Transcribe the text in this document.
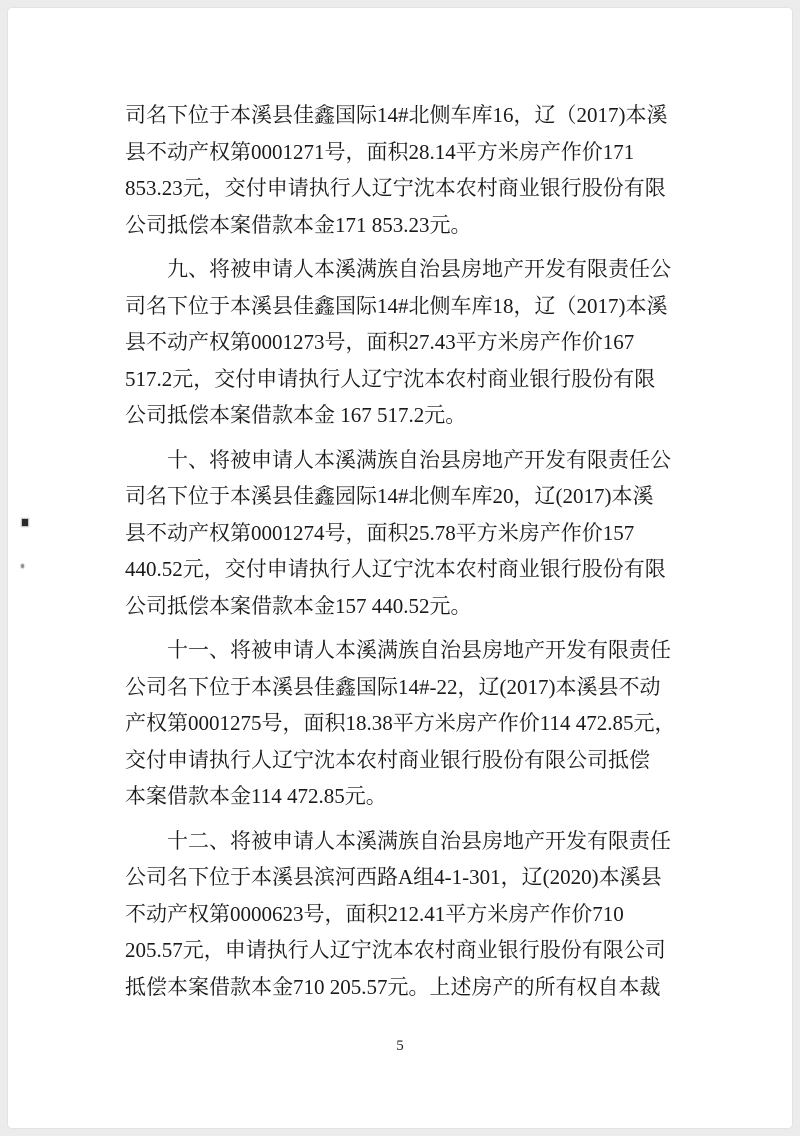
司名下位于本溪县佳鑫国际14#北侧车库16，辽（2017)本溪
县不动产权第0001271号，面积28.14平方米房产作价171
853.23元，交付申请执行人辽宁沈本农村商业银行股份有限
公司抵偿本案借款本金171 853.23元。

九、将被申请人本溪满族自治县房地产开发有限责任公
司名下位于本溪县佳鑫国际14#北侧车库18，辽（2017)本溪
县不动产权第0001273号，面积27.43平方米房产作价167
517.2元，交付申请执行人辽宁沈本农村商业银行股份有限
公司抵偿本案借款本金 167 517.2元。

十、将被申请人本溪满族自治县房地产开发有限责任公
司名下位于本溪县佳鑫园际14#北侧车库20，辽(2017)本溪
县不动产权第0001274号，面积25.78平方米房产作价157
440.52元，交付申请执行人辽宁沈本农村商业银行股份有限
公司抵偿本案借款本金157 440.52元。

十一、将被申请人本溪满族自治县房地产开发有限责任
公司名下位于本溪县佳鑫国际14#-22，辽(2017)本溪县不动
产权第0001275号，面积18.38平方米房产作价114 472.85元，
交付申请执行人辽宁沈本农村商业银行股份有限公司抵偿
本案借款本金114 472.85元。

十二、将被申请人本溪满族自治县房地产开发有限责任
公司名下位于本溪县滨河西路A组4-1-301，辽(2020)本溪县
不动产权第0000623号，面积212.41平方米房产作价710
205.57元，申请执行人辽宁沈本农村商业银行股份有限公司
抵偿本案借款本金710 205.57元。上述房产的所有权自本裁

5
